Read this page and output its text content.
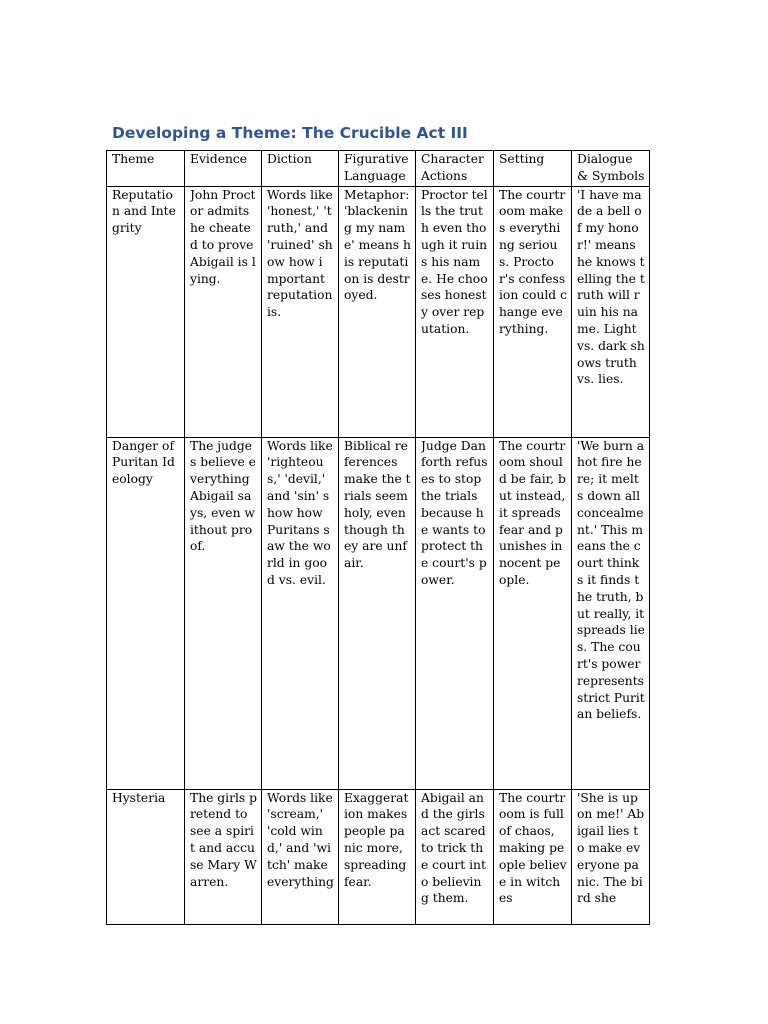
Developing a Theme: The Crucible Act III
Theme	Evidence	Diction	Figurative Language	Character Actions	Setting	Dialogue & Symbols

Reputation and Integrity	John Proctor admits he cheated to prove Abigail is lying.	Words like 'honest,' 'truth,' and 'ruined' show how important reputation is.	Metaphor: 'blackening my name' means his reputation is destroyed.	Proctor tells the truth even though it ruins his name. He chooses honesty over reputation.	The courtroom makes everything serious. Proctor's confession could change everything.	'I have made a bell of my honor!' means he knows telling the truth will ruin his name. Light vs. dark shows truth vs. lies.

Danger of Puritan Ideology	The judges believe everything Abigail says, even without proof.	Words like 'righteous,' 'devil,' and 'sin' show how Puritans saw the world in good vs. evil.	Biblical references make the trials seem holy, even though they are unfair.	Judge Danforth refuses to stop the trials because he wants to protect the court's power.	The courtroom should be fair, but instead, it spreads fear and punishes innocent people.	'We burn a hot fire here; it melts down all concealment.' This means the court thinks it finds the truth, but really, it spreads lies. The court's power represents strict Puritan beliefs.

Hysteria	The girls pretend to see a spirit and accuse Mary Warren.	Words like 'scream,' 'cold wind,' and 'witch' make everything	Exaggeration makes people panic more, spreading fear.	Abigail and the girls act scared to trick the court into believing them.	The courtroom is full of chaos, making people believe in witches	'She is upon me!' Abigail lies to make everyone panic. The bird she
